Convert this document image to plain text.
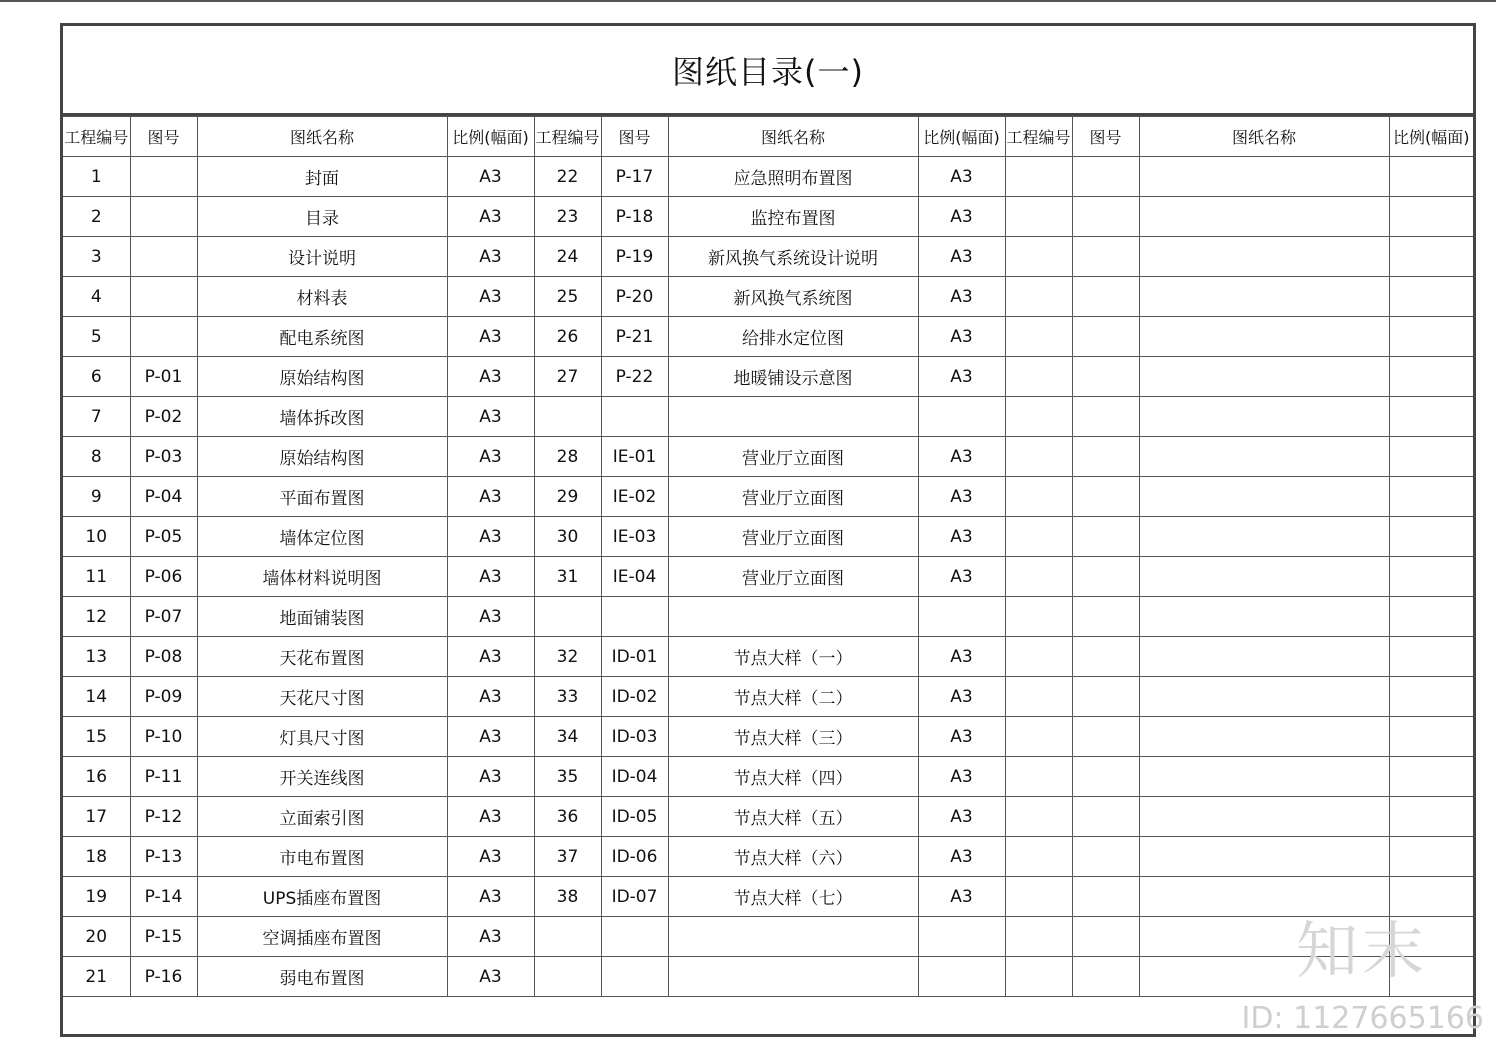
图纸目录(一)
工程编号	图号	图纸名称	比例(幅面)	工程编号	图号	图纸名称	比例(幅面)	工程编号	图号	图纸名称	比例(幅面)
1		封面	A3	22	P-17	应急照明布置图	A3				
2		目录	A3	23	P-18	监控布置图	A3				
3		设计说明	A3	24	P-19	新风换气系统设计说明	A3				
4		材料表	A3	25	P-20	新风换气系统图	A3				
5		配电系统图	A3	26	P-21	给排水定位图	A3				
6	P-01	原始结构图	A3	27	P-22	地暖铺设示意图	A3				
7	P-02	墙体拆改图	A3								
8	P-03	原始结构图	A3	28	IE-01	营业厅立面图	A3				
9	P-04	平面布置图	A3	29	IE-02	营业厅立面图	A3				
10	P-05	墙体定位图	A3	30	IE-03	营业厅立面图	A3				
11	P-06	墙体材料说明图	A3	31	IE-04	营业厅立面图	A3				
12	P-07	地面铺装图	A3								
13	P-08	天花布置图	A3	32	ID-01	节点大样（一）	A3				
14	P-09	天花尺寸图	A3	33	ID-02	节点大样（二）	A3				
15	P-10	灯具尺寸图	A3	34	ID-03	节点大样（三）	A3				
16	P-11	开关连线图	A3	35	ID-04	节点大样（四）	A3				
17	P-12	立面索引图	A3	36	ID-05	节点大样（五）	A3				
18	P-13	市电布置图	A3	37	ID-06	节点大样（六）	A3				
19	P-14	UPS插座布置图	A3	38	ID-07	节点大样（七）	A3				
20	P-15	空调插座布置图	A3								
21	P-16	弱电布置图	A3									知末
ID: 1127665166
